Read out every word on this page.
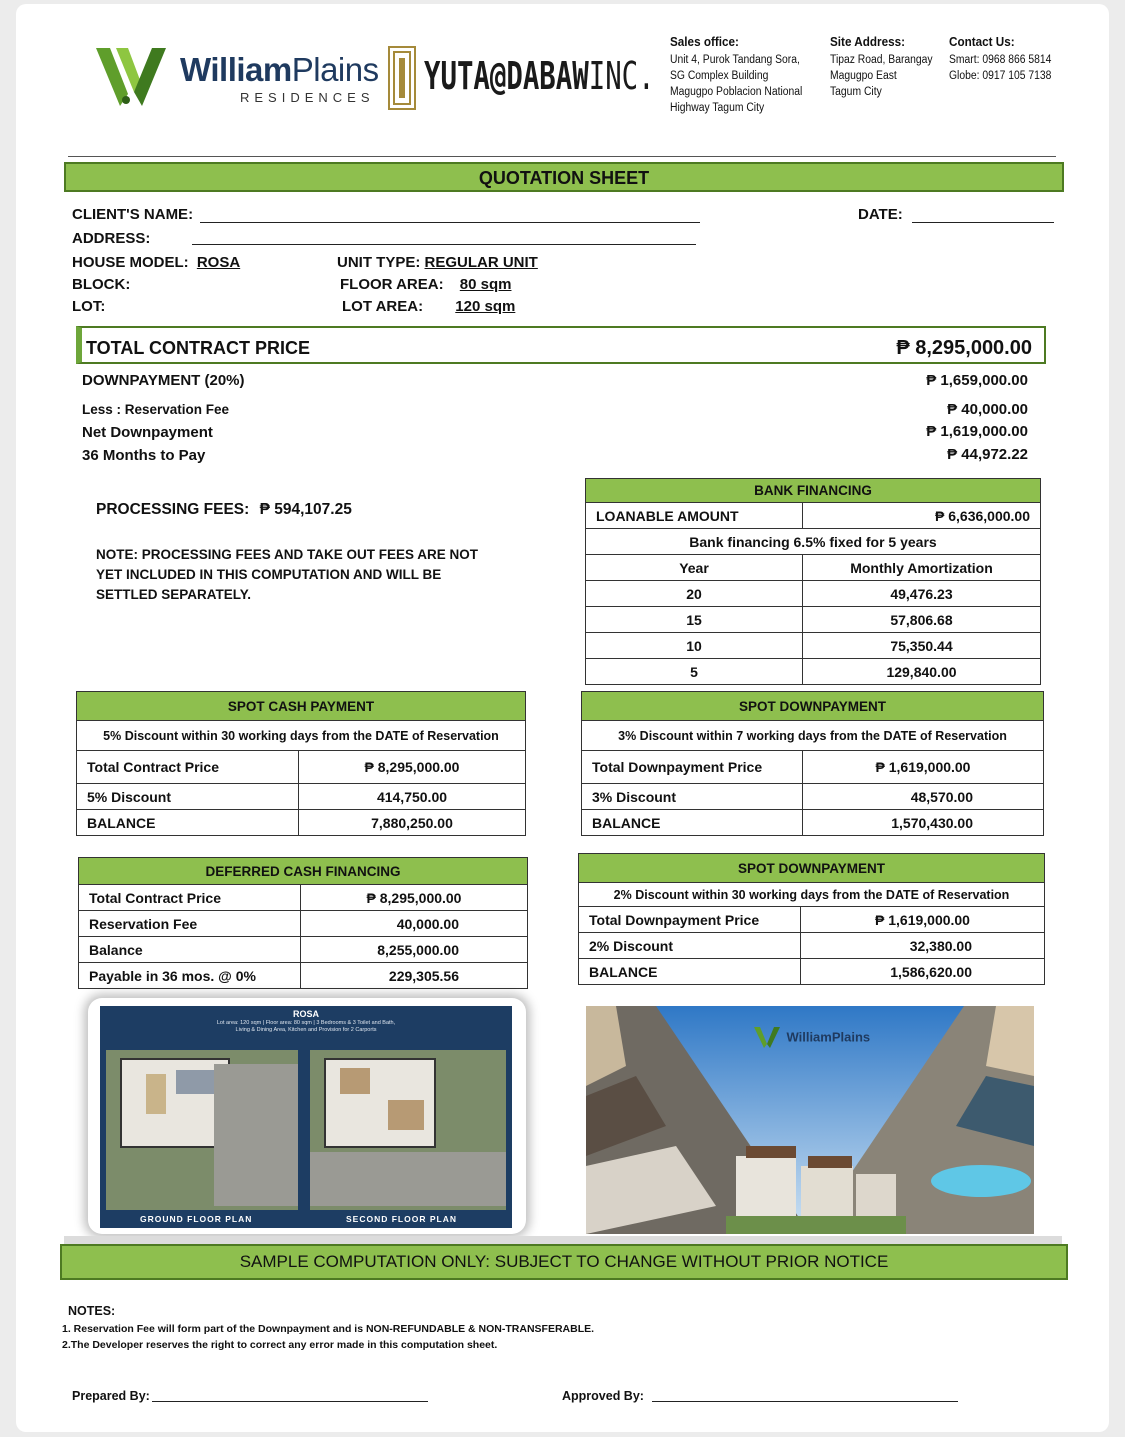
WilliamPlains
RESIDENCES YUTA@DABAWINC.
Sales office:
Unit 4, Purok Tandang Sora,
SG Complex Building
Magugpo Poblacion National
Highway Tagum City
Site Address:
Tipaz Road, Barangay
Magugpo East
Tagum City
Contact Us:
Smart: 0968 866 5814
Globe: 0917 105 7138
QUOTATION SHEET
CLIENT'S NAME:	DATE:
ADDRESS:
HOUSE MODEL: ROSA
BLOCK:
LOT:
UNIT TYPE: REGULAR UNIT
FLOOR AREA: 80 sqm
LOT AREA: 120 sqm
TOTAL CONTRACT PRICE	₱ 8,295,000.00
DOWNPAYMENT (20%)	₱ 1,659,000.00
Less : Reservation Fee	₱ 40,000.00
Net Downpayment	₱ 1,619,000.00
36 Months to Pay	₱ 44,972.22
PROCESSING FEES: ₱ 594,107.25
NOTE: PROCESSING FEES AND TAKE OUT FEES ARE NOT
YET INCLUDED IN THIS COMPUTATION AND WILL BE
SETTLED SEPARATELY.
BANK FINANCING	
LOANABLE AMOUNT	₱ 6,636,000.00
Bank financing 6.5% fixed for 5 years	
Year	Monthly Amortization
20	49,476.23
15	57,806.68
10	75,350.44
5	129,840.00
SPOT CASH PAYMENT	
5% Discount within 30 working days from the DATE of Reservation	
Total Contract Price	₱ 8,295,000.00
5% Discount	414,750.00
BALANCE	7,880,250.00
SPOT DOWNPAYMENT	
3% Discount within 7 working days from the DATE of Reservation	
Total Downpayment Price	₱ 1,619,000.00
3% Discount	48,570.00
BALANCE	1,570,430.00
DEFERRED CASH FINANCING	
Total Contract Price	₱ 8,295,000.00
Reservation Fee	40,000.00
Balance	8,255,000.00
Payable in 36 mos. @ 0%	229,305.56
SPOT DOWNPAYMENT	
2% Discount within 30 working days from the DATE of Reservation	
Total Downpayment Price	₱ 1,619,000.00
2% Discount	32,380.00
BALANCE	1,586,620.00
ROSA
Lot area: 120 sqm | Floor area: 80 sqm | 3 Bedrooms & 3 Toilet and Bath,
Living & Dining Area, Kitchen and Provision for 2 Carports
GROUND FLOOR PLAN	SECOND FLOOR PLAN
WilliamPlains
SAMPLE COMPUTATION ONLY: SUBJECT TO CHANGE WITHOUT PRIOR NOTICE
NOTES:
1. Reservation Fee will form part of the Downpayment and is NON-REFUNDABLE & NON-TRANSFERABLE.
2.The Developer reserves the right to correct any error made in this computation sheet.
Prepared By:	Approved By:
